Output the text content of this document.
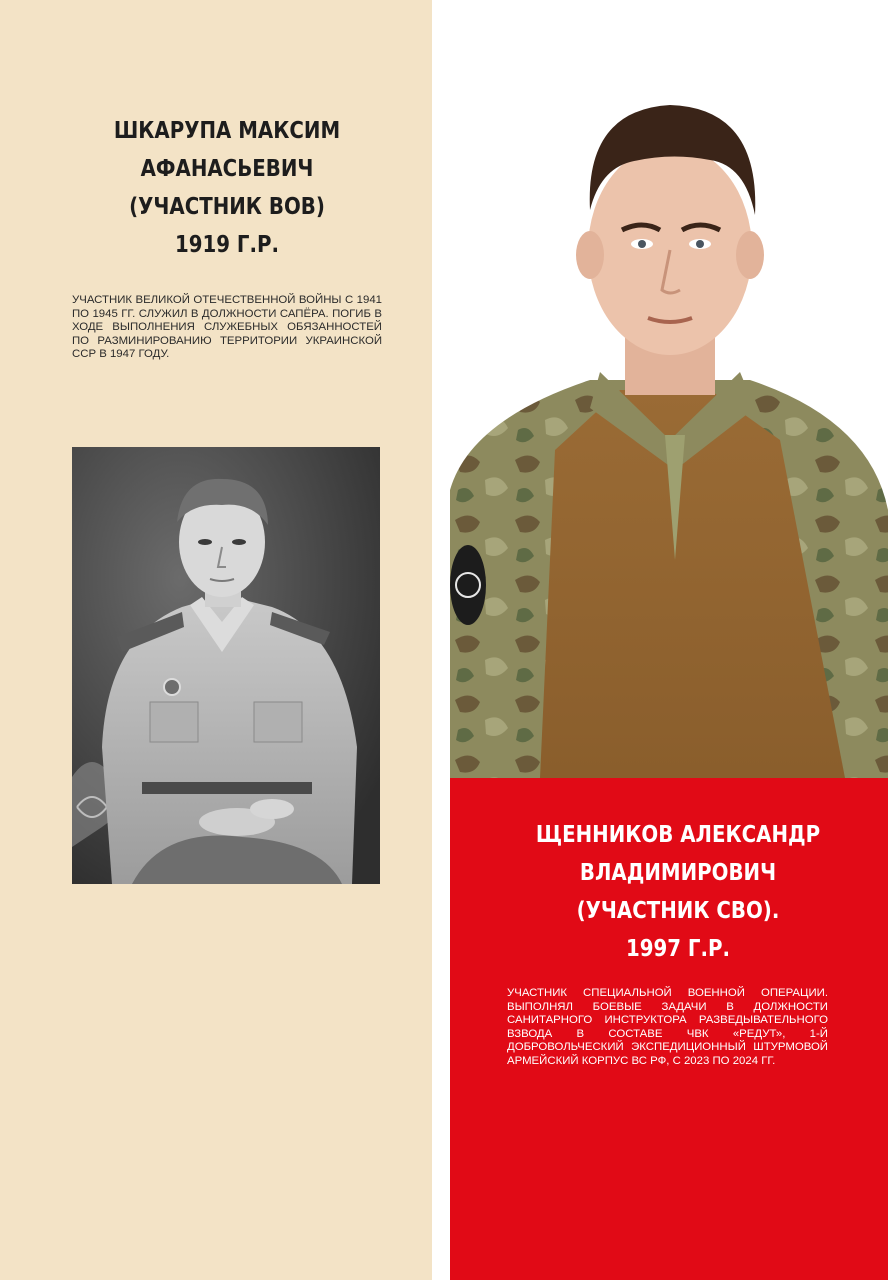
ШКАРУПА МАКСИМ
АФАНАСЬЕВИЧ
(УЧАСТНИК ВОВ)
1919 Г.Р.

УЧАСТНИК ВЕЛИКОЙ ОТЕЧЕСТВЕННОЙ ВОЙНЫ С 1941 ПО 1945 ГГ. СЛУЖИЛ В ДОЛЖНОСТИ САПЁРА. ПОГИБ В ХОДЕ ВЫПОЛНЕНИЯ СЛУЖЕБНЫХ ОБЯЗАННОСТЕЙ ПО РАЗМИНИРОВАНИЮ ТЕРРИТОРИИ УКРАИНСКОЙ ССР В 1947 ГОДУ.

ЩЕННИКОВ АЛЕКСАНДР
ВЛАДИМИРОВИЧ
(УЧАСТНИК СВО).
1997 Г.Р.

УЧАСТНИК СПЕЦИАЛЬНОЙ ВОЕННОЙ ОПЕРАЦИИ. ВЫПОЛНЯЛ БОЕВЫЕ ЗАДАЧИ В ДОЛЖНОСТИ САНИТАРНОГО ИНСТРУКТОРА РАЗВЕДЫВАТЕЛЬНОГО ВЗВОДА В СОСТАВЕ ЧВК «РЕДУТ», 1-Й ДОБРОВОЛЬЧЕСКИЙ ЭКСПЕДИЦИОННЫЙ ШТУРМОВОЙ АРМЕЙСКИЙ КОРПУС ВС РФ, С 2023 ПО 2024 ГГ.
